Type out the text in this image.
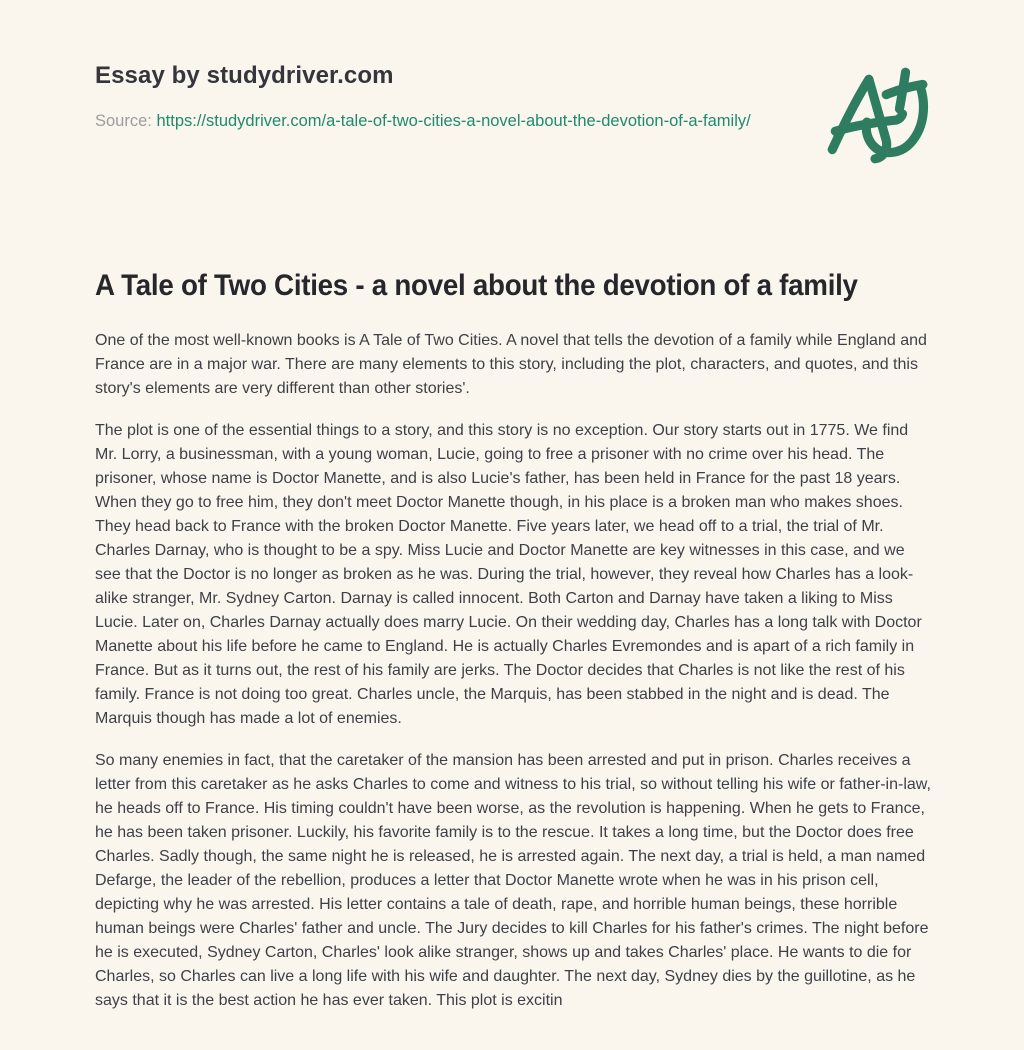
Essay by studydriver.com
Source: https://studydriver.com/a-tale-of-two-cities-a-novel-about-the-devotion-of-a-family/
A Tale of Two Cities - a novel about the devotion of a family

One of the most well-known books is A Tale of Two Cities. A novel that tells the devotion of a family while England and France are in a major war. There are many elements to this story, including the plot, characters, and quotes, and this story's elements are very different than other stories'.

The plot is one of the essential things to a story, and this story is no exception. Our story starts out in 1775. We find Mr. Lorry, a businessman, with a young woman, Lucie, going to free a prisoner with no crime over his head. The prisoner, whose name is Doctor Manette, and is also Lucie's father, has been held in France for the past 18 years. When they go to free him, they don't meet Doctor Manette though, in his place is a broken man who makes shoes. They head back to France with the broken Doctor Manette. Five years later, we head off to a trial, the trial of Mr. Charles Darnay, who is thought to be a spy. Miss Lucie and Doctor Manette are key witnesses in this case, and we see that the Doctor is no longer as broken as he was. During the trial, however, they reveal how Charles has a look-alike stranger, Mr. Sydney Carton. Darnay is called innocent. Both Carton and Darnay have taken a liking to Miss Lucie. Later on, Charles Darnay actually does marry Lucie. On their wedding day, Charles has a long talk with Doctor Manette about his life before he came to England. He is actually Charles Evremondes and is apart of a rich family in France. But as it turns out, the rest of his family are jerks. The Doctor decides that Charles is not like the rest of his family. France is not doing too great. Charles uncle, the Marquis, has been stabbed in the night and is dead. The Marquis though has made a lot of enemies.

So many enemies in fact, that the caretaker of the mansion has been arrested and put in prison. Charles receives a letter from this caretaker as he asks Charles to come and witness to his trial, so without telling his wife or father-in-law, he heads off to France. His timing couldn't have been worse, as the revolution is happening. When he gets to France, he has been taken prisoner. Luckily, his favorite family is to the rescue. It takes a long time, but the Doctor does free Charles. Sadly though, the same night he is released, he is arrested again. The next day, a trial is held, a man named Defarge, the leader of the rebellion, produces a letter that Doctor Manette wrote when he was in his prison cell, depicting why he was arrested. His letter contains a tale of death, rape, and horrible human beings, these horrible human beings were Charles' father and uncle. The Jury decides to kill Charles for his father's crimes. The night before he is executed, Sydney Carton, Charles' look alike stranger, shows up and takes Charles' place. He wants to die for Charles, so Charles can live a long life with his wife and daughter. The next day, Sydney dies by the guillotine, as he says that it is the best action he has ever taken. This plot is excitin
